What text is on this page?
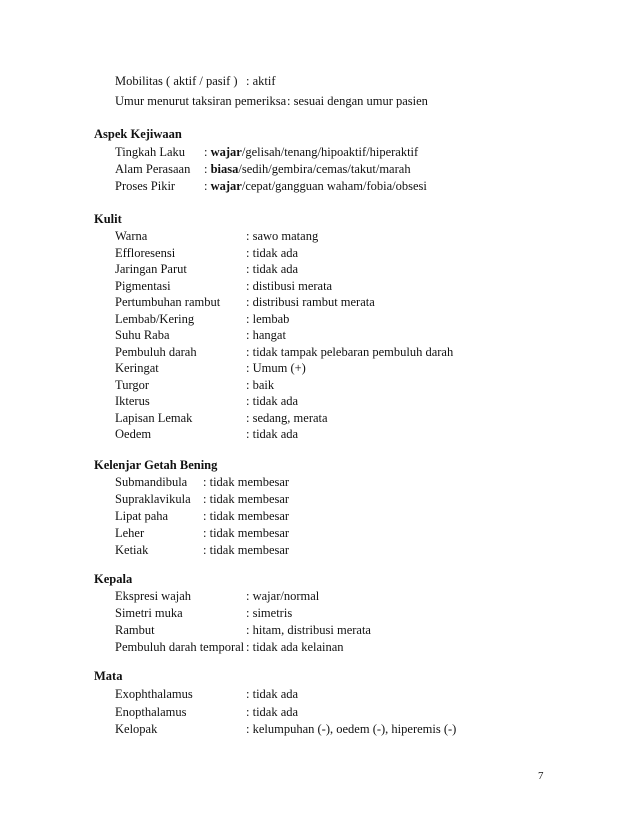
Mobilitas ( aktif / pasif ) : aktif
Umur menurut taksiran pemeriksa : sesuai dengan umur pasien
Aspek Kejiwaan
Tingkah Laku : wajar/gelisah/tenang/hipoaktif/hiperaktif
Alam Perasaan : biasa/sedih/gembira/cemas/takut/marah
Proses Pikir : wajar/cepat/gangguan waham/fobia/obsesi
Kulit
Warna	: sawo matang
Effloresensi	: tidak ada
Jaringan Parut	: tidak ada
Pigmentasi	: distibusi merata
Pertumbuhan rambut : distribusi rambut merata
Lembab/Kering	: lembab
Suhu Raba	: hangat
Pembuluh darah	: tidak tampak pelebaran pembuluh darah
Keringat	: Umum (+)
Turgor	: baik
Ikterus	: tidak ada
Lapisan Lemak	: sedang, merata
Oedem	: tidak ada
Kelenjar Getah Bening
Submandibula : tidak membesar
Supraklavikula : tidak membesar
Lipat paha	: tidak membesar
Leher	: tidak membesar
Ketiak	: tidak membesar
Kepala
Ekspresi wajah	: wajar/normal
Simetri muka	: simetris
Rambut	: hitam, distribusi merata
Pembuluh darah temporal : tidak ada kelainan
Mata
Exophthalamus	: tidak ada
Enopthalamus	: tidak ada
Kelopak	: kelumpuhan (-), oedem (-), hiperemis (-)
7
